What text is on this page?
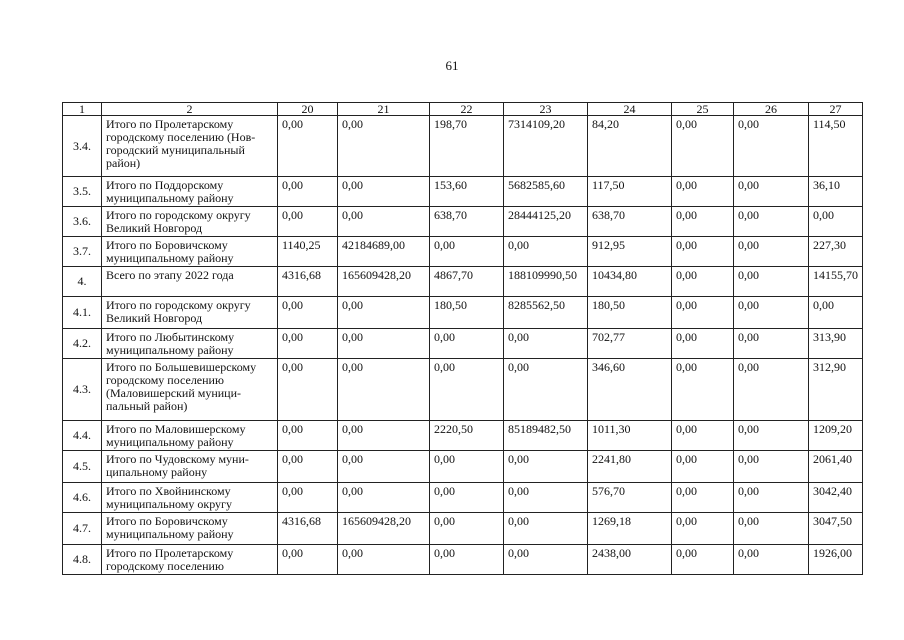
61
1	2	20	21	22	23	24	25	26	27
3.4.	Итого по Пролетарскому
городскому поселению (Нов-
городский муниципальный
район)	0,00	0,00	198,70	7314109,20	84,20	0,00	0,00	114,50
3.5.	Итого по Поддорскому
муниципальному району	0,00	0,00	153,60	5682585,60	117,50	0,00	0,00	36,10
3.6.	Итого по городскому округу
Великий Новгород	0,00	0,00	638,70	28444125,20	638,70	0,00	0,00	0,00
3.7.	Итого по Боровичскому
муниципальному району	1140,25	42184689,00	0,00	0,00	912,95	0,00	0,00	227,30
4.	Всего по этапу 2022 года	4316,68	165609428,20	4867,70	188109990,50	10434,80	0,00	0,00	14155,70
4.1.	Итого по городскому округу
Великий Новгород	0,00	0,00	180,50	8285562,50	180,50	0,00	0,00	0,00
4.2.	Итого по Любытинскому
муниципальному району	0,00	0,00	0,00	0,00	702,77	0,00	0,00	313,90
4.3.	Итого по Большевишерскому
городскому поселению
(Маловишерский муници-
пальный район)	0,00	0,00	0,00	0,00	346,60	0,00	0,00	312,90
4.4.	Итого по Маловишерскому
муниципальному району	0,00	0,00	2220,50	85189482,50	1011,30	0,00	0,00	1209,20
4.5.	Итого по Чудовскому муни-
ципальному району	0,00	0,00	0,00	0,00	2241,80	0,00	0,00	2061,40
4.6.	Итого по Хвойнинскому
муниципальному округу	0,00	0,00	0,00	0,00	576,70	0,00	0,00	3042,40
4.7.	Итого по Боровичскому
муниципальному району	4316,68	165609428,20	0,00	0,00	1269,18	0,00	0,00	3047,50
4.8.	Итого по Пролетарскому
городскому поселению	0,00	0,00	0,00	0,00	2438,00	0,00	0,00	1926,00
